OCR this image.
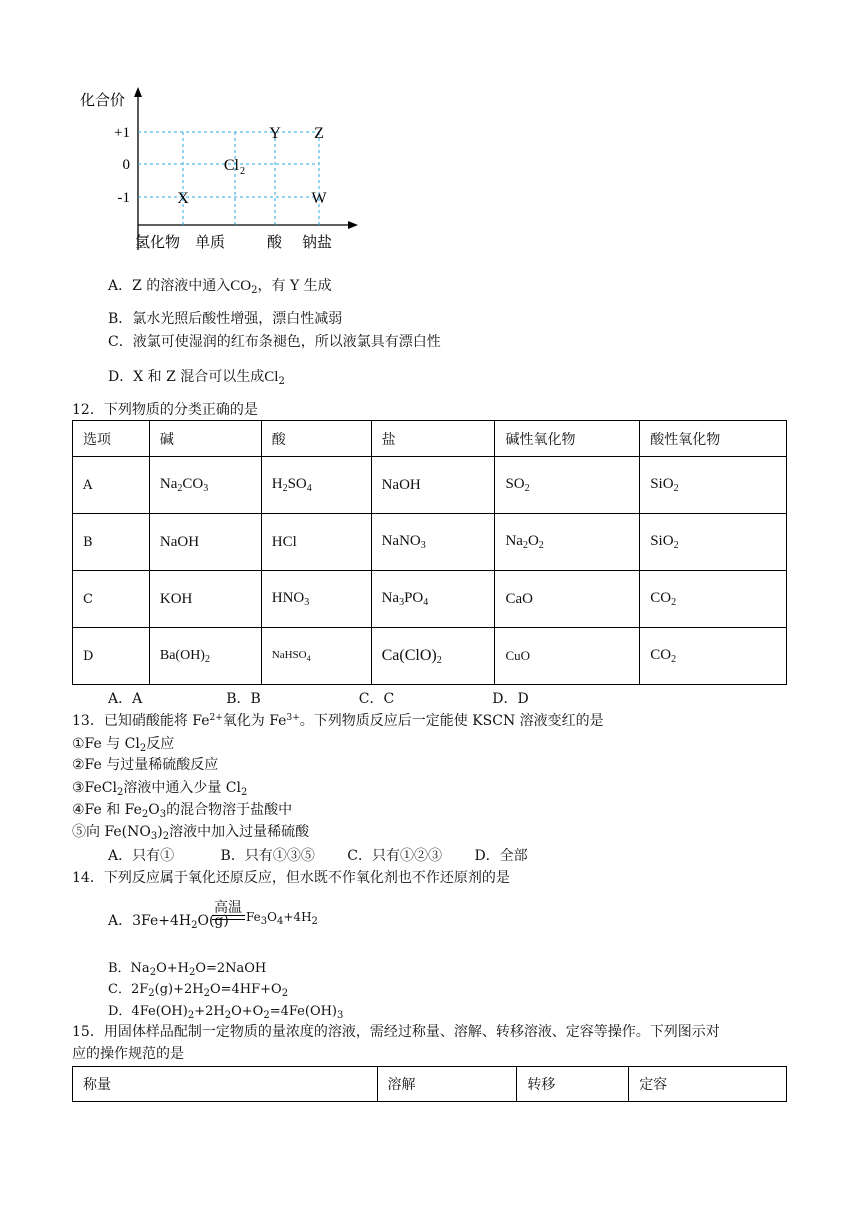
化合价
+1
0
-1	X
Cl 2
Y Z
W
氢化物 单质	酸 钠盐
A．Z 的溶液中通入$CO_2$，有 Y 生成
B．氯水光照后酸性增强，漂白性减弱
C．液氯可使湿润的红布条褪色，所以液氯具有漂白性
D．X 和 Z 混合可以生成$Cl_2$
12．下列物质的分类正确的是
选项	碱	酸	盐	碱性氧化物	酸性氧化物
A	$Na_2CO_3$	$H_2SO_4$	NaOH	$SO_2$	SiO$_2$
B	NaOH	HCl	NaNO$_3$	$Na_2O_2$	SiO$_2$
C	KOH	$HNO_3$	$Na_3PO_4$	CaO	$CO_2$
D	$Ba(OH)_2$	NaHSO$_4$	$Ca(ClO)_2$	CuO	$CO_2$
A．A　　　　　　B．B　　　　　　　C．C　　　　　　　D．D
13．已知硝酸能将 $Fe^{2+}$氧化为 $Fe^{3+}$。下列物质反应后一定能使 KSCN 溶液变红的是
①Fe 与 $Cl_2$反应
②Fe 与过量稀硫酸反应
③FeCl$_2$溶液中通入少量 $Cl_2$
④Fe 和 $Fe_2O_3$的混合物溶于盐酸中
⑤向 $Fe(NO_3)_2$溶液中加入过量稀硫酸
A．只有①　　　 B．只有①③⑤　　 C．只有①②③　　 D．全部
14．下列反应属于氧化还原反应，但水既不作氧化剂也不作还原剂的是
A．$3Fe+4H_2O(g)$
高温
$Fe_3O_4+4H_2$
B．$Na_2O+H_2O=2NaOH$
C．$2F_2(g)+2H_2O=4HF+O_2$
D．$4Fe(OH)_2+2H_2O+O_2=4Fe(OH)_3$
15．用固体样品配制一定物质的量浓度的溶液，需经过称量、溶解、转移溶液、定容等操作。下列图示对
应的操作规范的是
称量	溶解	转移	定容
